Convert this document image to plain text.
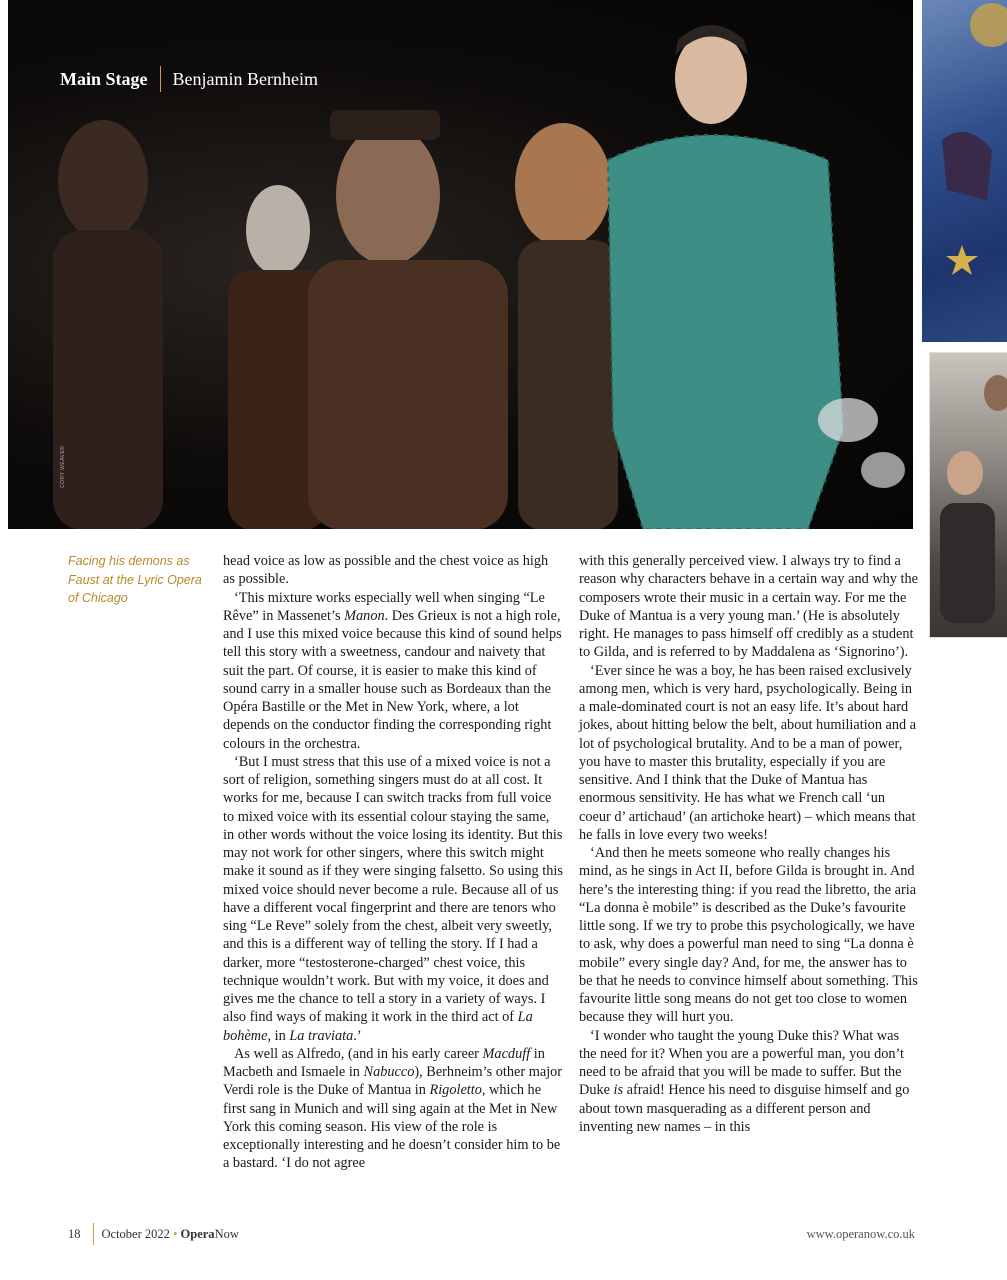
Main Stage	Benjamin Bernheim
CORY WEAVER
Facing his demons as Faust at the Lyric Opera of Chicago

head voice as low as possible and the chest voice as high as possible.

‘This mixture works especially well when singing “Le Rêve” in Massenet’s Manon. Des Grieux is not a high role, and I use this mixed voice because this kind of sound helps tell this story with a sweetness, candour and naivety that suit the part. Of course, it is easier to make this kind of sound carry in a smaller house such as Bordeaux than the Opéra Bastille or the Met in New York, where, a lot depends on the conductor finding the corresponding right colours in the orchestra.

‘But I must stress that this use of a mixed voice is not a sort of religion, something singers must do at all cost. It works for me, because I can switch tracks from full voice to mixed voice with its essential colour staying the same, in other words without the voice losing its identity. But this may not work for other singers, where this switch might make it sound as if they were singing falsetto. So using this mixed voice should never become a rule. Because all of us have a different vocal fingerprint and there are tenors who sing “Le Reve” solely from the chest, albeit very sweetly, and this is a different way of telling the story. If I had a darker, more “testosterone-charged” chest voice, this technique wouldn’t work. But with my voice, it does and gives me the chance to tell a story in a variety of ways. I also find ways of making it work in the third act of La bohème, in La traviata.’

As well as Alfredo, (and in his early career Macduff in Macbeth and Ismaele in Nabucco), Berhneim’s other major Verdi role is the Duke of Mantua in Rigoletto, which he first sang in Munich and will sing again at the Met in New York this coming season. His view of the role is exceptionally interesting and he doesn’t consider him to be a bastard. ‘I do not agree

with this generally perceived view. I always try to find a reason why characters behave in a certain way and why the composers wrote their music in a certain way. For me the Duke of Mantua is a very young man.’ (He is absolutely right. He manages to pass himself off credibly as a student to Gilda, and is referred to by Maddalena as ‘Signorino’).

‘Ever since he was a boy, he has been raised exclusively among men, which is very hard, psychologically. Being in a male-dominated court is not an easy life. It’s about hard jokes, about hitting below the belt, about humiliation and a lot of psychological brutality. And to be a man of power, you have to master this brutality, especially if you are sensitive. And I think that the Duke of Mantua has enormous sensitivity. He has what we French call ‘un coeur d’ artichaud’ (an artichoke heart) – which means that he falls in love every two weeks!

‘And then he meets someone who really changes his mind, as he sings in Act II, before Gilda is brought in. And here’s the interesting thing: if you read the libretto, the aria “La donna è mobile” is described as the Duke’s favourite little song. If we try to probe this psychologically, we have to ask, why does a powerful man need to sing “La donna è mobile” every single day? And, for me, the answer has to be that he needs to convince himself about something. This favourite little song means do not get too close to women because they will hurt you.

‘I wonder who taught the young Duke this? What was the need for it? When you are a powerful man, you don’t need to be afraid that you will be made to suffer. But the Duke is afraid! Hence his need to disguise himself and go about town masquerading as a different person and inventing new names – in this

18 October 2022 • OperaNow	www.operanow.co.uk
